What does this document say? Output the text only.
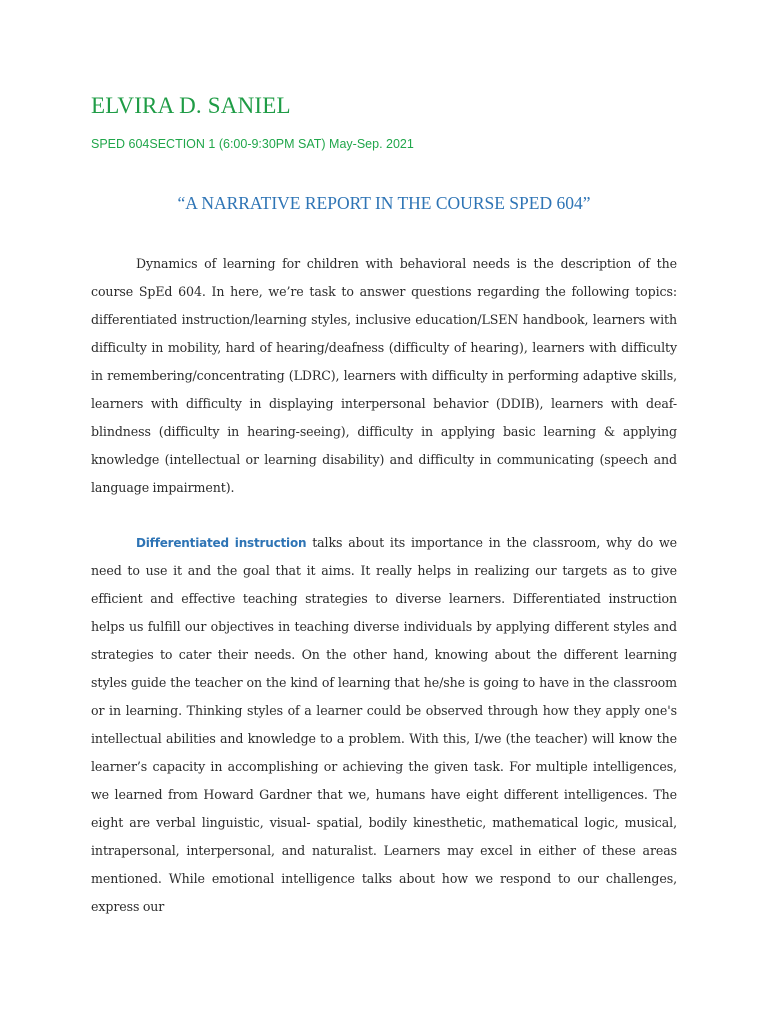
ELVIRA D. SANIEL

SPED 604SECTION 1 (6:00-9:30PM SAT) May-Sep. 2021

“A NARRATIVE REPORT IN THE COURSE SPED 604”

Dynamics of learning for children with behavioral needs is the description of the course SpEd 604. In here, we’re task to answer questions regarding the following topics: differentiated instruction/learning styles, inclusive education/LSEN handbook, learners with difficulty in mobility, hard of hearing/deafness (difficulty of hearing), learners with difficulty in remembering/concentrating (LDRC), learners with difficulty in performing adaptive skills, learners with difficulty in displaying interpersonal behavior (DDIB), learners with deaf-blindness (difficulty in hearing-seeing), difficulty in applying basic learning & applying knowledge (intellectual or learning disability) and difficulty in communicating (speech and language impairment).

Differentiated instruction talks about its importance in the classroom, why do we need to use it and the goal that it aims. It really helps in realizing our targets as to give efficient and effective teaching strategies to diverse learners. Differentiated instruction helps us fulfill our objectives in teaching diverse individuals by applying different styles and strategies to cater their needs. On the other hand, knowing about the different learning styles guide the teacher on the kind of learning that he/she is going to have in the classroom or in learning. Thinking styles of a learner could be observed through how they apply one's intellectual abilities and knowledge to a problem. With this, I/we (the teacher) will know the learner’s capacity in accomplishing or achieving the given task. For multiple intelligences, we learned from Howard Gardner that we, humans have eight different intelligences. The eight are verbal linguistic, visual- spatial, bodily kinesthetic, mathematical logic, musical, intrapersonal, interpersonal, and naturalist. Learners may excel in either of these areas mentioned. While emotional intelligence talks about how we respond to our challenges, express our
